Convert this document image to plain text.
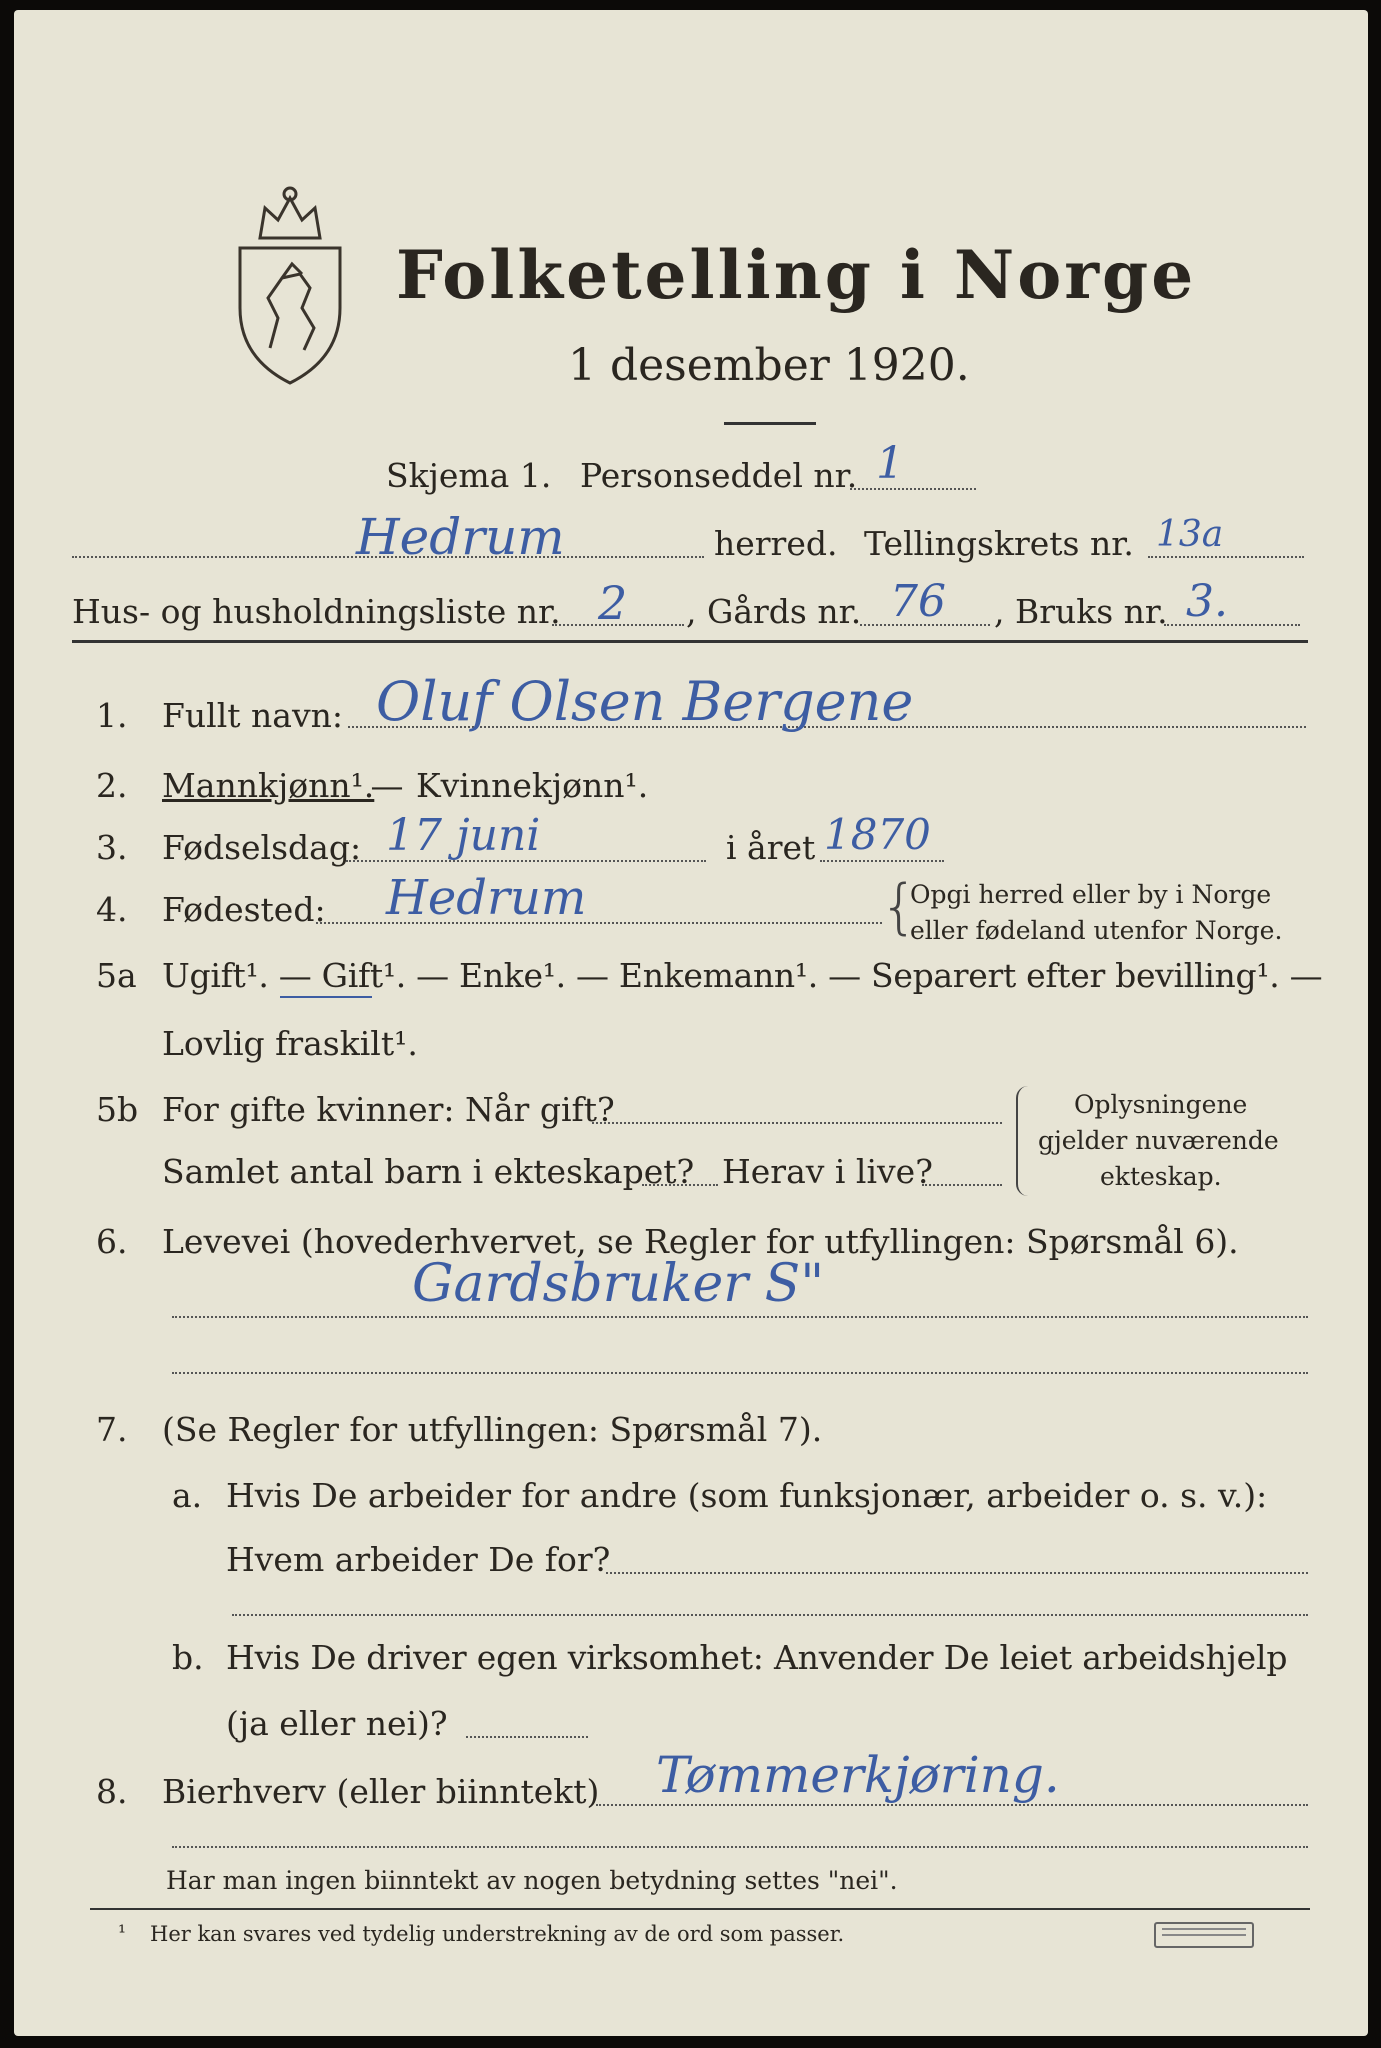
Folketelling i Norge
1 desember 1920.
Skjema 1. Personseddel nr. 1
Hedrum	herred. Tellingskrets nr. 13a
Hus- og husholdningsliste nr. 2 , Gårds nr. 76 , Bruks nr. 3.
1. Fullt navn: Oluf Olsen Bergene
2. Mannkjønn¹.
— Kvinnekjønn¹.
3. Fødselsdag: 17 juni	i året 1870
4. Fødested: Hedrum	{
Opgi herred eller by i Norge
eller fødeland utenfor Norge.
5a Ugift¹. — Gift¹. — Enke¹. — Enkemann¹. — Separert efter bevilling¹. —
Lovlig fraskilt¹.
5b For gifte kvinner: Når gift?
Samlet antal barn i ekteskapet? Herav i live?
Oplysningene
gjelder nuværende
ekteskap.
6. Levevei (hovederhvervet, se Regler for utfyllingen: Spørsmål 6).
Gardsbruker S"
7. (Se Regler for utfyllingen: Spørsmål 7).
a. Hvis De arbeider for andre (som funksjonær, arbeider o. s. v.):
Hvem arbeider De for?
b. Hvis De driver egen virksomhet: Anvender De leiet arbeidshjelp
(ja eller nei)?
8. Bierhverv (eller biinntekt) Tømmerkjøring.
Har man ingen biinntekt av nogen betydning settes "nei".
¹ Her kan svares ved tydelig understrekning av de ord som passer.
